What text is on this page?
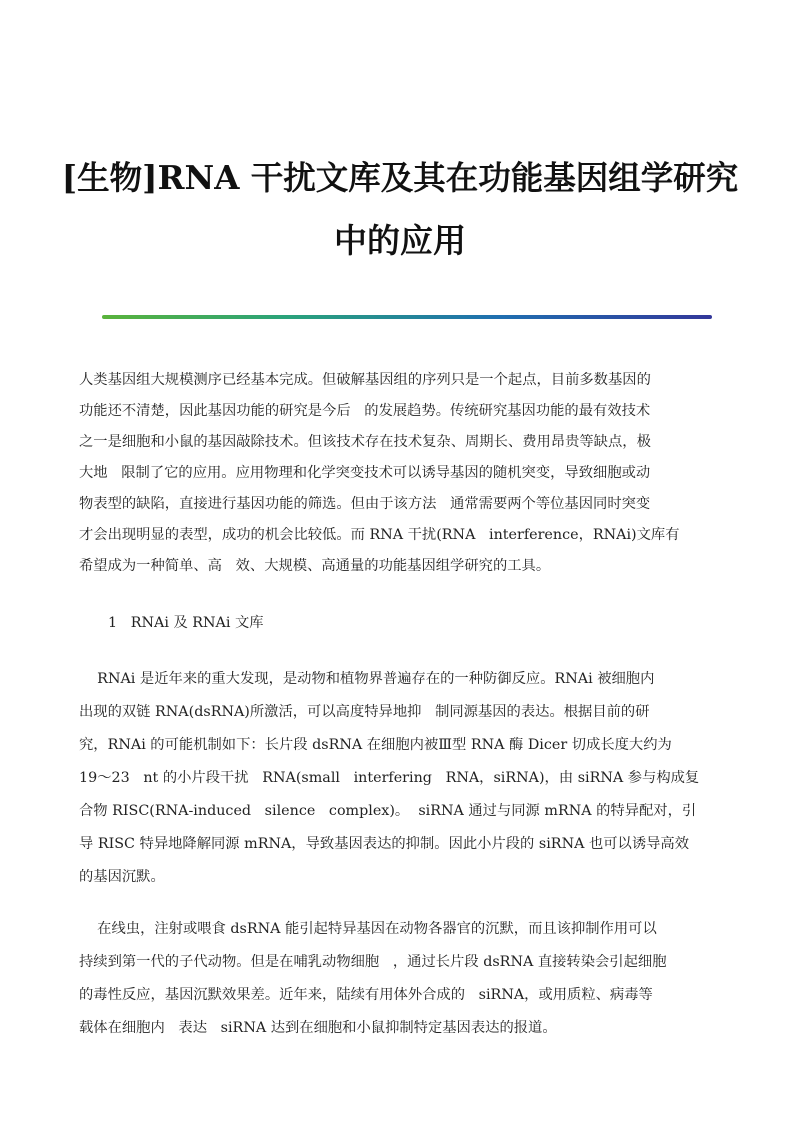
[生物]RNA 干扰文库及其在功能基因组学研究
中的应用
人类基因组大规模测序已经基本完成。但破解基因组的序列只是一个起点，目前多数基因的
功能还不清楚，因此基因功能的研究是今后   的发展趋势。传统研究基因功能的最有效技术
之一是细胞和小鼠的基因敲除技术。但该技术存在技术复杂、周期长、费用昂贵等缺点，极
大地   限制了它的应用。应用物理和化学突变技术可以诱导基因的随机突变，导致细胞或动
物表型的缺陷，直接进行基因功能的筛选。但由于该方法   通常需要两个等位基因同时突变
才会出现明显的表型，成功的机会比较低。而 RNA 干扰(RNA   interference，RNAi)文库有
希望成为一种简单、高   效、大规模、高通量的功能基因组学研究的工具。
1   RNAi 及 RNAi 文库
RNAi 是近年来的重大发现，是动物和植物界普遍存在的一种防御反应。RNAi 被细胞内
出现的双链 RNA(dsRNA)所激活，可以高度特异地抑   制同源基因的表达。根据目前的研
究，RNAi 的可能机制如下：长片段 dsRNA 在细胞内被Ⅲ型 RNA 酶 Dicer 切成长度大约为
19～23   nt 的小片段干扰   RNA(small   interfering   RNA，siRNA)，由 siRNA 参与构成复
合物 RISC(RNA-induced   silence   complex)。  siRNA 通过与同源 mRNA 的特异配对，引
导 RISC 特异地降解同源 mRNA，导致基因表达的抑制。因此小片段的 siRNA 也可以诱导高效
的基因沉默。
在线虫，注射或喂食 dsRNA 能引起特异基因在动物各器官的沉默，而且该抑制作用可以
持续到第一代的子代动物。但是在哺乳动物细胞   ，通过长片段 dsRNA 直接转染会引起细胞
的毒性反应，基因沉默效果差。近年来，陆续有用体外合成的   siRNA，或用质粒、病毒等
载体在细胞内   表达   siRNA 达到在细胞和小鼠抑制特定基因表达的报道。
